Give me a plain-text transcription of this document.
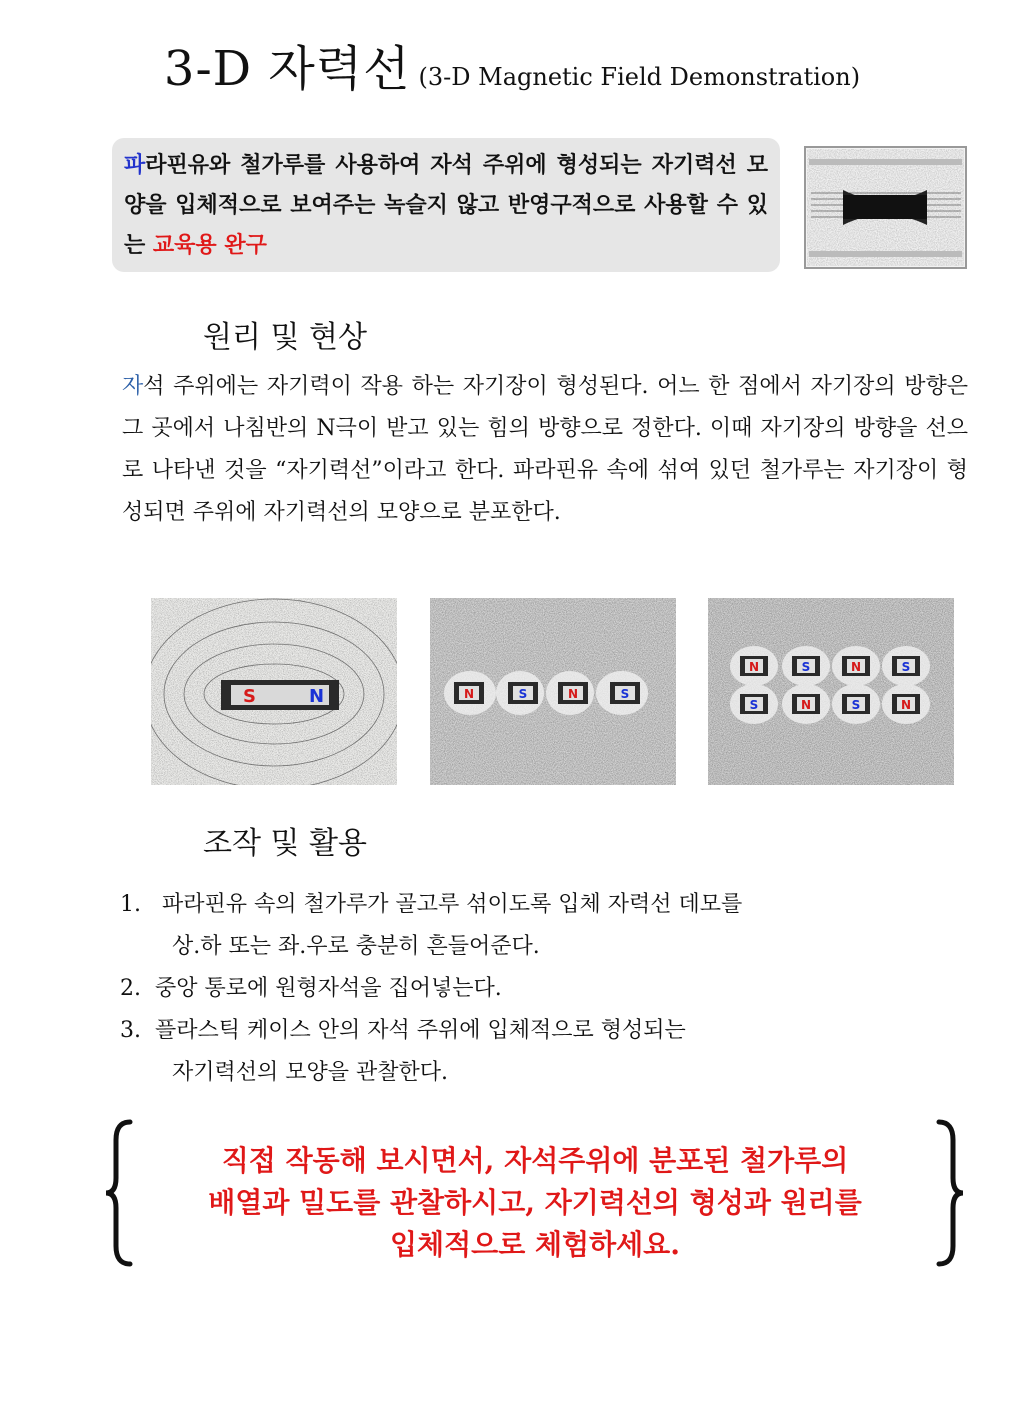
3-D 자력선 (3-D Magnetic Field Demonstration)
파라핀유와 철가루를 사용하여 자석 주위에 형성되는 자기력선 모양을 입체적으로 보여주는 녹슬지 않고 반영구적으로 사용할 수 있는 교육용 완구
원리 및 현상
자석 주위에는 자기력이 작용 하는 자기장이 형성된다. 어느 한 점에서 자기장의 방향은 그 곳에서 나침반의 N극이 받고 있는 힘의 방향으로 정한다. 이때 자기장의 방향을 선으로 나타낸 것을 “자기력선”이라고 한다. 파라핀유 속에 섞여 있던 철가루는 자기장이 형성되면 주위에 자기력선의 모양으로 분포한다.
S	N	N	S	N	S
N	S	N	S
S	N	S	N
조작 및 활용
1. 파라핀유 속의 철가루가 골고루 섞이도록 입체 자력선 데모를
상.하 또는 좌.우로 충분히 흔들어준다.
2. 중앙 통로에 원형자석을 집어넣는다.
3. 플라스틱 케이스 안의 자석 주위에 입체적으로 형성되는
자기력선의 모양을 관찰한다.
직접 작동해 보시면서, 자석주위에 분포된 철가루의
배열과 밀도를 관찰하시고, 자기력선의 형성과 원리를
입체적으로 체험하세요.
